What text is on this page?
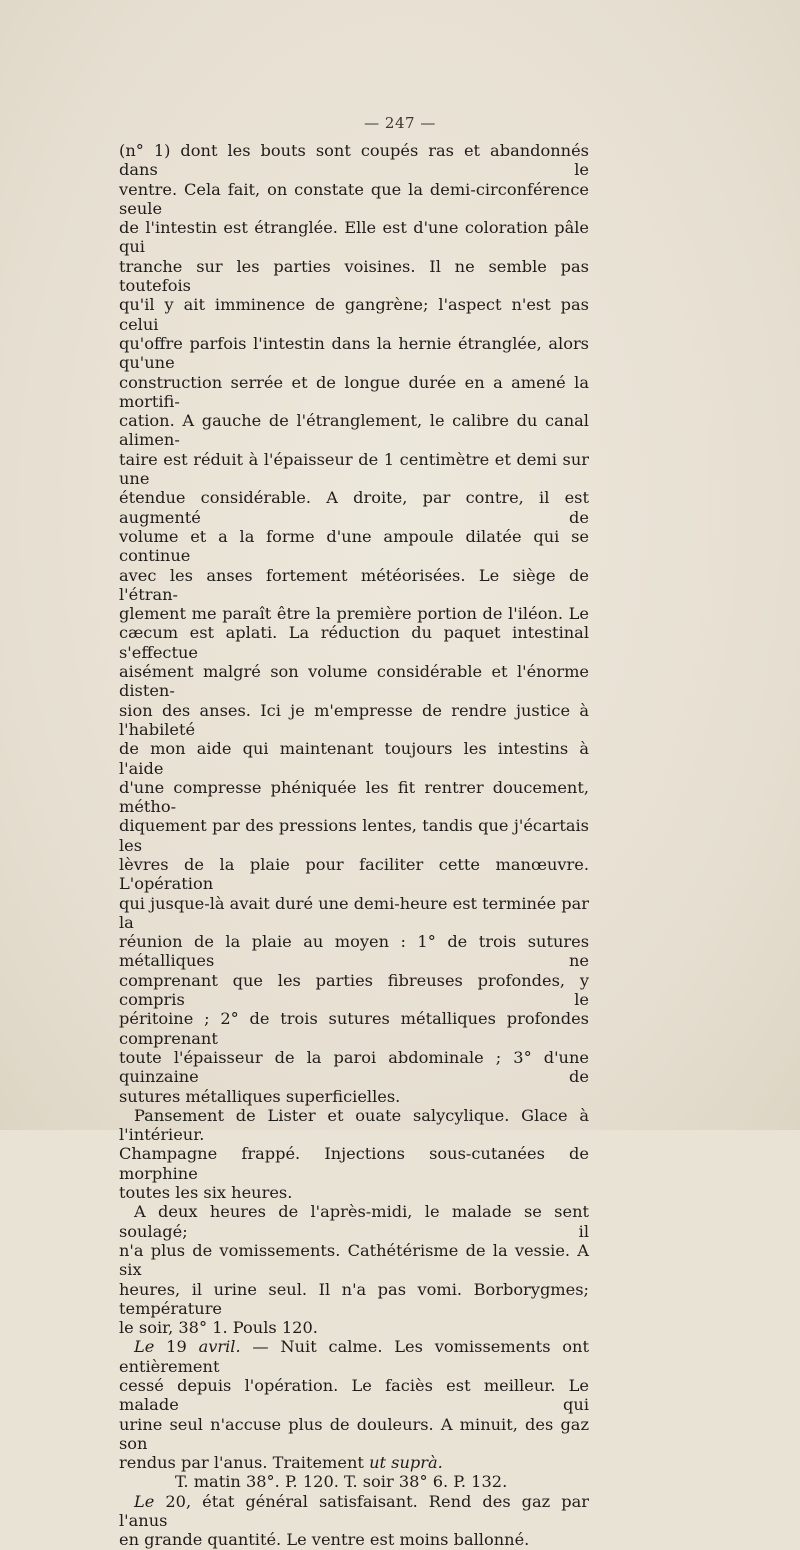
— 247 —

(n° 1) dont les bouts sont coupés ras et abandonnés dans le

ventre. Cela fait, on constate que la demi-circonférence seule

de l'intestin est étranglée. Elle est d'une coloration pâle qui

tranche sur les parties voisines. Il ne semble pas toutefois

qu'il y ait imminence de gangrène; l'aspect n'est pas celui

qu'offre parfois l'intestin dans la hernie étranglée, alors qu'une

construction serrée et de longue durée en a amené la mortifi-

cation. A gauche de l'étranglement, le calibre du canal alimen-

taire est réduit à l'épaisseur de 1 centimètre et demi sur une

étendue considérable. A droite, par contre, il est augmenté de

volume et a la forme d'une ampoule dilatée qui se continue

avec les anses fortement météorisées. Le siège de l'étran-

glement me paraît être la première portion de l'iléon. Le

cæcum est aplati. La réduction du paquet intestinal s'effectue

aisément malgré son volume considérable et l'énorme disten-

sion des anses. Ici je m'empresse de rendre justice à l'habileté

de mon aide qui maintenant toujours les intestins à l'aide

d'une compresse phéniquée les fit rentrer doucement, métho-

diquement par des pressions lentes, tandis que j'écartais les

lèvres de la plaie pour faciliter cette manœuvre. L'opération

qui jusque-là avait duré une demi-heure est terminée par la

réunion de la plaie au moyen : 1° de trois sutures métalliques ne

comprenant que les parties fibreuses profondes, y compris le

péritoine ; 2° de trois sutures métalliques profondes comprenant

toute l'épaisseur de la paroi abdominale ; 3° d'une quinzaine de

sutures métalliques superficielles.

Pansement de Lister et ouate salycylique. Glace à l'intérieur.

Champagne frappé. Injections sous-cutanées de morphine

toutes les six heures.

A deux heures de l'après-midi, le malade se sent soulagé; il

n'a plus de vomissements. Cathétérisme de la vessie. A six

heures, il urine seul. Il n'a pas vomi. Borborygmes; température

le soir, 38° 1. Pouls 120.

Le 19 avril. — Nuit calme. Les vomissements ont entièrement

cessé depuis l'opération. Le faciès est meilleur. Le malade qui

urine seul n'accuse plus de douleurs. A minuit, des gaz son

rendus par l'anus. Traitement ut suprà.

T. matin 38°. P. 120. T. soir 38° 6. P. 132.

Le 20, état général satisfaisant. Rend des gaz par l'anus

en grande quantité. Le ventre est moins ballonné.
